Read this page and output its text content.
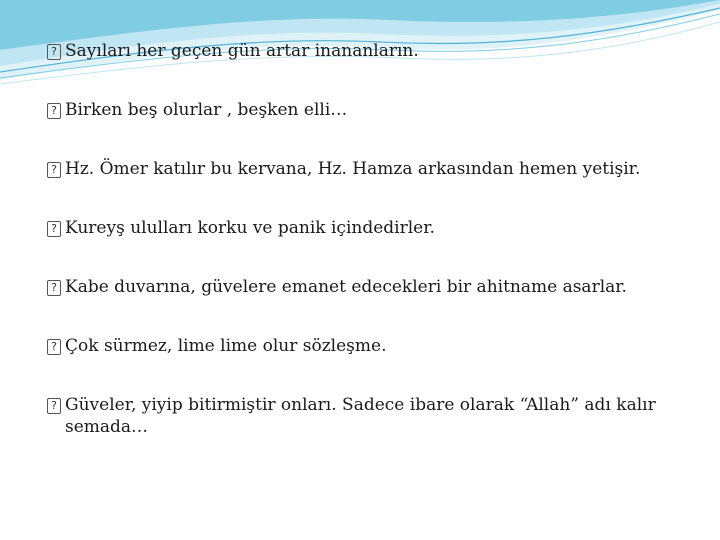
? Sayıları her geçen gün artar inananların.
? Birken beş olurlar , beşken elli…
? Hz. Ömer katılır bu kervana, Hz. Hamza arkasından hemen yetişir.
? Kureyş ululları korku ve panik içindedirler.
? Kabe duvarına, güvelere emanet edecekleri bir ahitname asarlar.
? Çok sürmez, lime lime olur sözleşme.
? Güveler, yiyip bitirmiştir onları. Sadece ibare olarak “Allah” adı kalır semada…
